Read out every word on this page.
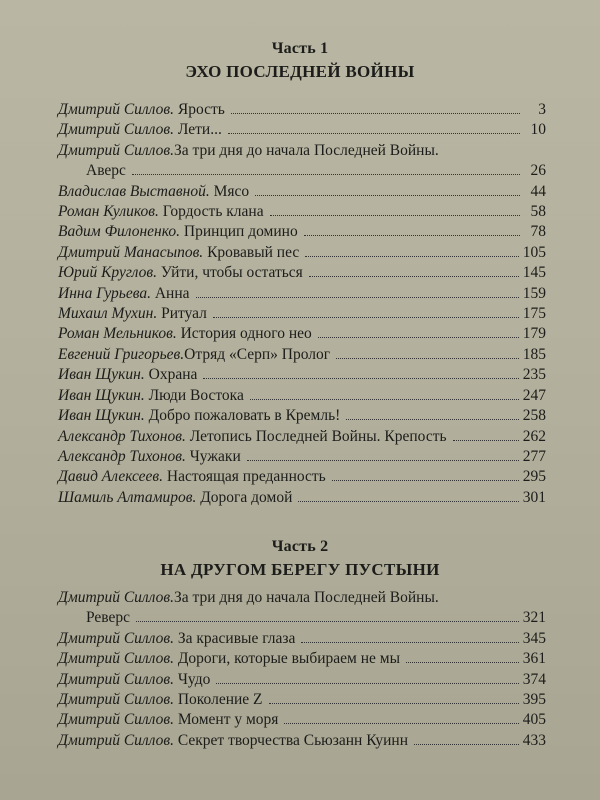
Часть 1
ЭХО ПОСЛЕДНЕЙ ВОЙНЫ
Дмитрий Силлов. Ярость	3
Дмитрий Силлов. Лети...	10
Дмитрий Силлов. За три дня до начала Последней Войны.
Аверс	26
Владислав Выставной. Мясо	44
Роман Куликов. Гордость клана	58
Вадим Филоненко. Принцип домино	78
Дмитрий Манасыпов. Кровавый пес	105
Юрий Круглов. Уйти, чтобы остаться	145
Инна Гурьева. Анна	159
Михаил Мухин. Ритуал	175
Роман Мельников. История одного нео	179
Евгений Григорьев.Отряд «Серп» Пролог	185
Иван Щукин. Охрана	235
Иван Щукин. Люди Востока	247
Иван Щукин. Добро пожаловать в Кремль!	258
Александр Тихонов. Летопись Последней Войны. Крепость	262
Александр Тихонов. Чужаки	277
Давид Алексеев. Настоящая преданность	295
Шамиль Алтамиров. Дорога домой	301
Часть 2
НА ДРУГОМ БЕРЕГУ ПУСТЫНИ
Дмитрий Силлов. За три дня до начала Последней Войны.
Реверс	321
Дмитрий Силлов. За красивые глаза	345
Дмитрий Силлов. Дороги, которые выбираем не мы	361
Дмитрий Силлов. Чудо	374
Дмитрий Силлов. Поколение Z	395
Дмитрий Силлов. Момент у моря	405
Дмитрий Силлов. Секрет творчества Сьюзанн Куинн	433
